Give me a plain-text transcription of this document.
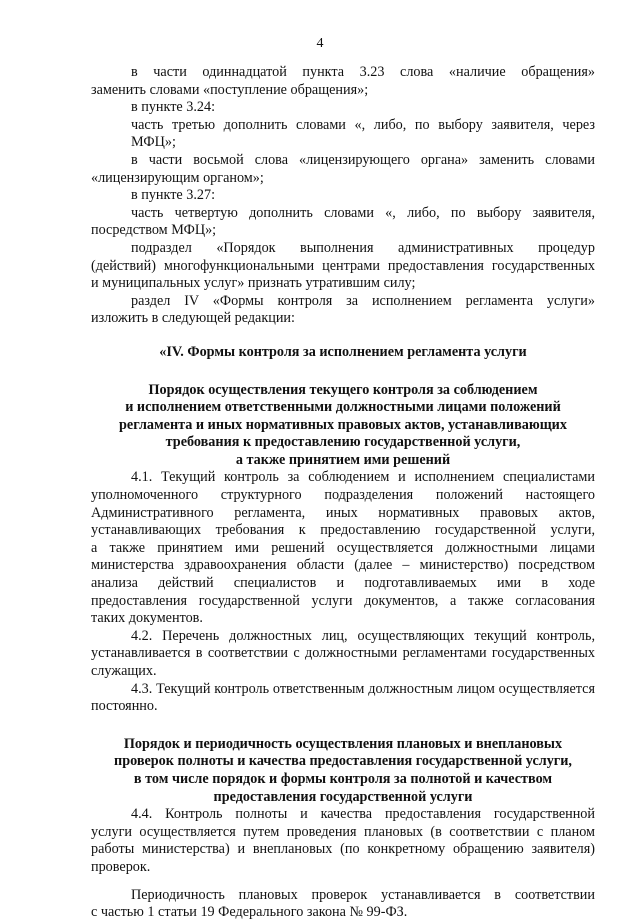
4
в части одиннадцатой пункта 3.23 слова «наличие обращения»
заменить словами «поступление обращения»;
в пункте 3.24:
часть третью дополнить словами «, либо, по выбору заявителя, через МФЦ»;
в части восьмой слова «лицензирующего органа» заменить словами
«лицензирующим органом»;
в пункте 3.27:
часть четвертую дополнить словами «, либо, по выбору заявителя,
посредством МФЦ»;
подраздел «Порядок выполнения административных процедур
(действий) многофункциональными центрами предоставления государственных
и муниципальных услуг» признать утратившим силу;
раздел IV «Формы контроля за исполнением регламента услуги»
изложить в следующей редакции:
«IV. Формы контроля за исполнением регламента услуги
Порядок осуществления текущего контроля за соблюдением
и исполнением ответственными должностными лицами положений
регламента и иных нормативных правовых актов, устанавливающих
требования к предоставлению государственной услуги,
а также принятием ими решений
4.1. Текущий контроль за соблюдением и исполнением специалистами
уполномоченного структурного подразделения положений настоящего
Административного регламента, иных нормативных правовых актов,
устанавливающих требования к предоставлению государственной услуги,
а также принятием ими решений осуществляется должностными лицами
министерства здравоохранения области (далее – министерство) посредством
анализа действий специалистов и подготавливаемых ими в ходе
предоставления государственной услуги документов, а также согласования
таких документов.
4.2. Перечень должностных лиц, осуществляющих текущий контроль,
устанавливается в соответствии с должностными регламентами государственных
служащих.
4.3. Текущий контроль ответственным должностным лицом осуществляется
постоянно.
Порядок и периодичность осуществления плановых и внеплановых
проверок полноты и качества предоставления государственной услуги,
в том числе порядок и формы контроля за полнотой и качеством
предоставления государственной услуги
4.4. Контроль полноты и качества предоставления государственной
услуги осуществляется путем проведения плановых (в соответствии с планом
работы министерства) и внеплановых (по конкретному обращению заявителя)
проверок.
Периодичность плановых проверок устанавливается в соответствии
с частью 1 статьи 19 Федерального закона № 99-ФЗ.
